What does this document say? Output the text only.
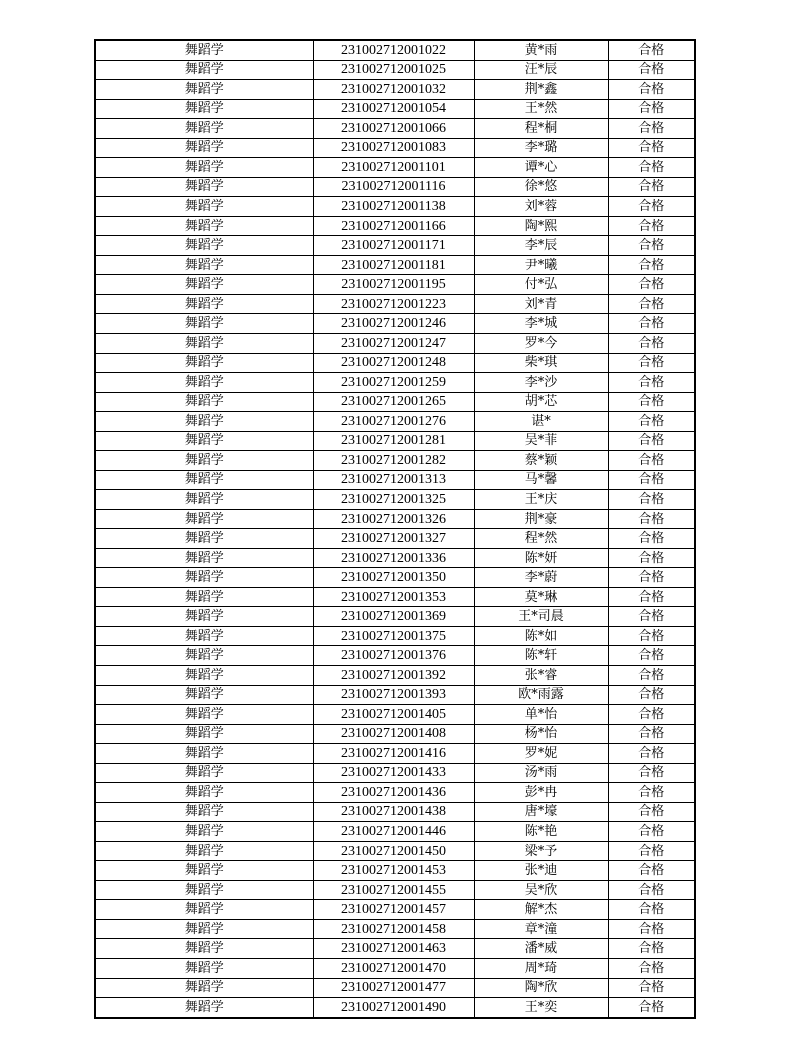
舞蹈学	231002712001022	黄*雨	合格
舞蹈学	231002712001025	汪*辰	合格
舞蹈学	231002712001032	荆*鑫	合格
舞蹈学	231002712001054	王*然	合格
舞蹈学	231002712001066	程*桐	合格
舞蹈学	231002712001083	李*璐	合格
舞蹈学	231002712001101	谭*心	合格
舞蹈学	231002712001116	徐*悠	合格
舞蹈学	231002712001138	刘*蓉	合格
舞蹈学	231002712001166	陶*熙	合格
舞蹈学	231002712001171	李*辰	合格
舞蹈学	231002712001181	尹*曦	合格
舞蹈学	231002712001195	付*弘	合格
舞蹈学	231002712001223	刘*青	合格
舞蹈学	231002712001246	李*城	合格
舞蹈学	231002712001247	罗*今	合格
舞蹈学	231002712001248	柴*琪	合格
舞蹈学	231002712001259	李*沙	合格
舞蹈学	231002712001265	胡*芯	合格
舞蹈学	231002712001276	谌*	合格
舞蹈学	231002712001281	吴*菲	合格
舞蹈学	231002712001282	蔡*颖	合格
舞蹈学	231002712001313	马*馨	合格
舞蹈学	231002712001325	王*庆	合格
舞蹈学	231002712001326	荆*豪	合格
舞蹈学	231002712001327	程*然	合格
舞蹈学	231002712001336	陈*妍	合格
舞蹈学	231002712001350	李*蔚	合格
舞蹈学	231002712001353	莫*琳	合格
舞蹈学	231002712001369	王*司晨	合格
舞蹈学	231002712001375	陈*如	合格
舞蹈学	231002712001376	陈*轩	合格
舞蹈学	231002712001392	张*睿	合格
舞蹈学	231002712001393	欧*雨露	合格
舞蹈学	231002712001405	单*怡	合格
舞蹈学	231002712001408	杨*怡	合格
舞蹈学	231002712001416	罗*妮	合格
舞蹈学	231002712001433	汤*雨	合格
舞蹈学	231002712001436	彭*冉	合格
舞蹈学	231002712001438	唐*壕	合格
舞蹈学	231002712001446	陈*艳	合格
舞蹈学	231002712001450	梁*予	合格
舞蹈学	231002712001453	张*迪	合格
舞蹈学	231002712001455	吴*欣	合格
舞蹈学	231002712001457	解*杰	合格
舞蹈学	231002712001458	章*潼	合格
舞蹈学	231002712001463	潘*威	合格
舞蹈学	231002712001470	周*琦	合格
舞蹈学	231002712001477	陶*欣	合格
舞蹈学	231002712001490	王*奕	合格
